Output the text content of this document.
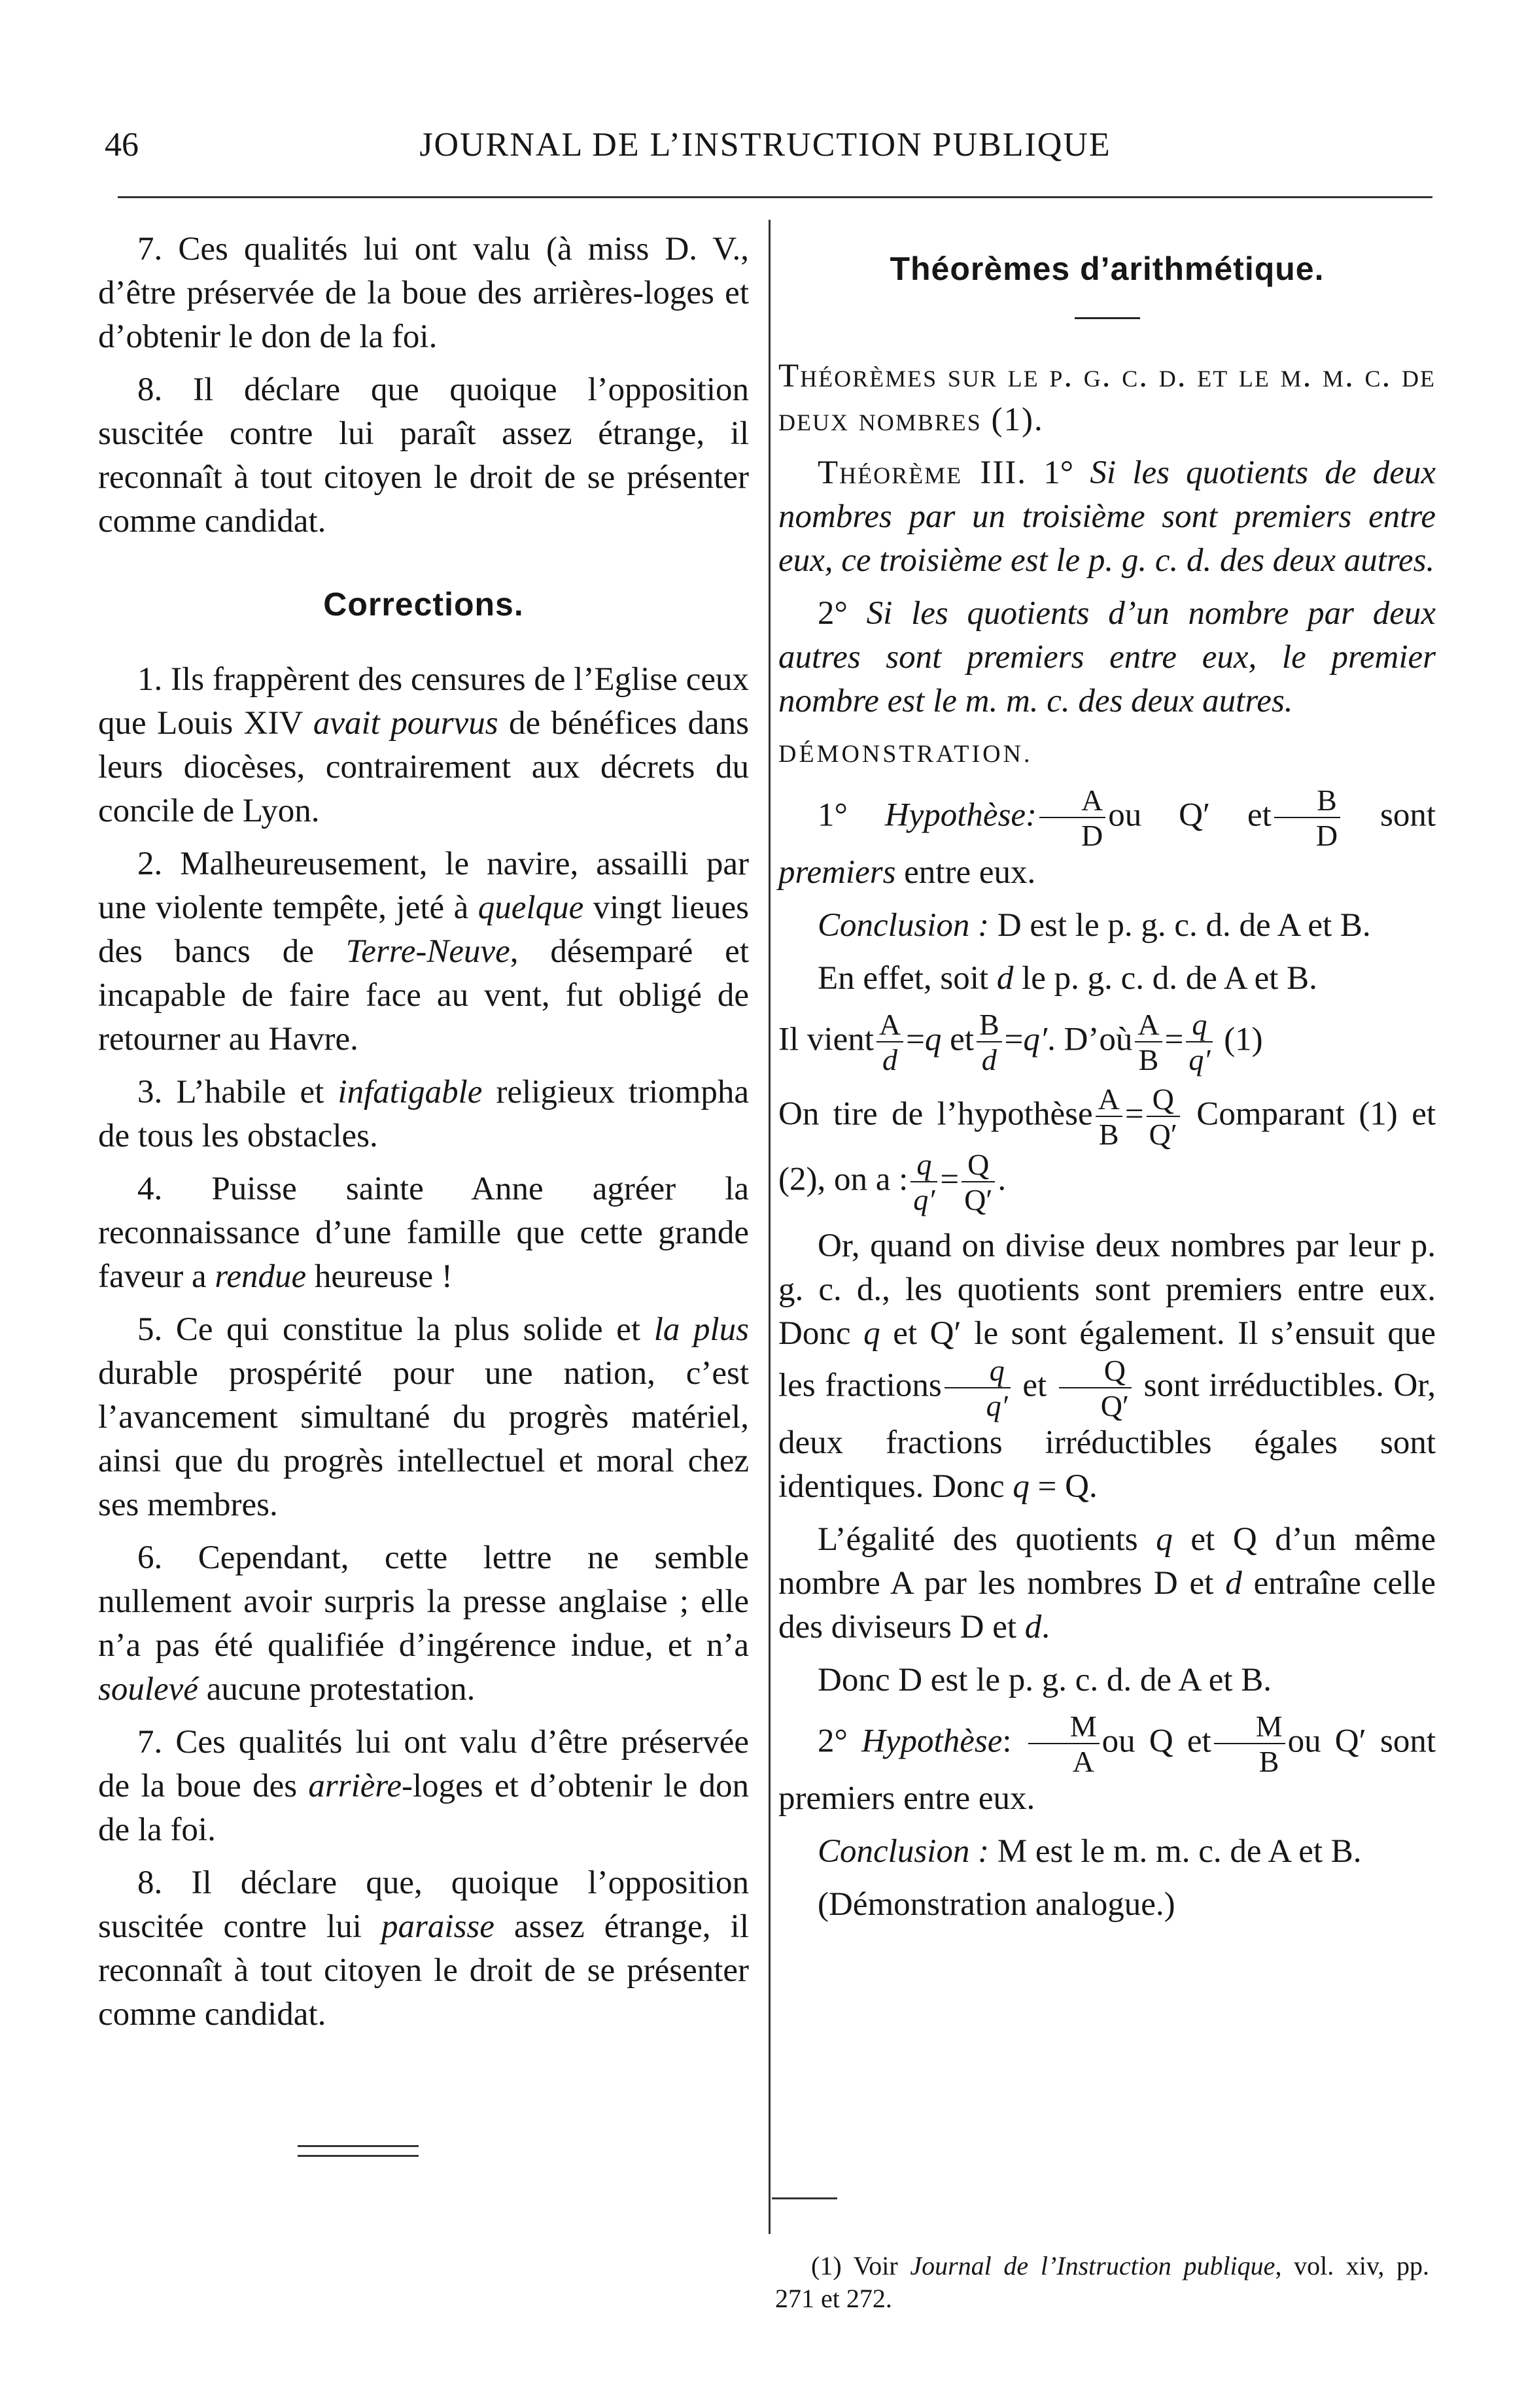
46	JOURNAL DE L’INSTRUCTION PUBLIQUE

7. Ces qualités lui ont valu (à miss D. V., d’être préservée de la boue des arrières-loges et d’obtenir le don de la foi.

8. Il déclare que quoique l’opposition suscitée contre lui paraît assez étrange, il reconnaît à tout citoyen le droit de se présenter comme candidat.

Corrections.

1. Ils frappèrent des censures de l’Eglise ceux que Louis XIV avait pourvus de bénéfices dans leurs diocèses, contrairement aux décrets du concile de Lyon.

2. Malheureusement, le navire, assailli par une violente tempête, jeté à quelque vingt lieues des bancs de Terre-Neuve, désemparé et incapable de faire face au vent, fut obligé de retourner au Havre.

3. L’habile et infatigable religieux triompha de tous les obstacles.

4. Puisse sainte Anne agréer la reconnaissance d’une famille que cette grande faveur a rendue heureuse !

5. Ce qui constitue la plus solide et la plus durable prospérité pour une nation, c’est l’avancement simultané du progrès matériel, ainsi que du progrès intellectuel et moral chez ses membres.

6. Cependant, cette lettre ne semble nullement avoir surpris la presse anglaise ; elle n’a pas été qualifiée d’ingérence indue, et n’a soulevé aucune protestation.

7. Ces qualités lui ont valu d’être préservée de la boue des arrière-loges et d’obtenir le don de la foi.

8. Il déclare que, quoique l’opposition suscitée contre lui paraisse assez étrange, il reconnaît à tout citoyen le droit de se présenter comme candidat.

Théorèmes d’arithmétique.

Théorèmes sur le p. g. c. d. et le m. m. c. de deux nombres (1).

Théorème III. 1° Si les quotients de deux nombres par un troisième sont premiers entre eux, ce troisième est le p. g. c. d. des deux autres.

2° Si les quotients d’un nombre par deux autres sont premiers entre eux, le premier nombre est le m. m. c. des deux autres.

DÉMONSTRATION.

1° Hypothèse: $\frac{A}{D}$ ou Q′ et $\frac{B}{D}$ sont premiers entre eux.

Conclusion : D est le p. g. c. d. de A et B.

En effet, soit d le p. g. c. d. de A et B.

Il vient $\frac{A}{d} =q$ et $\frac{B}{d} =q'$. D’où $\frac{A}{B} = \frac{q}{q'} (1)$

On tire de l’hypothèse $\frac{A}{B} = \frac{Q}{Q'}$ Comparant (1) et (2), on a : $\frac{q}{q'} = \frac{Q}{Q'}$ .

Or, quand on divise deux nombres par leur p. g. c. d., les quotients sont premiers entre eux. Donc q et Q′ le sont également. Il s’ensuit que les fractions $\frac{q}{q'}$ et $\frac{Q}{Q'}$ sont irréductibles. Or, deux fractions irréductibles égales sont identiques. Donc q = Q.

L’égalité des quotients q et Q d’un même nombre A par les nombres D et d entraîne celle des diviseurs D et d.

Donc D est le p. g. c. d. de A et B.

2° Hypothèse: $\frac{M}{A}$ ou Q et $\frac{M}{B}$ ou Q′ sont premiers entre eux.

Conclusion : M est le m. m. c. de A et B.

(Démonstration analogue.)

(1) Voir Journal de l’Instruction publique, vol. xiv, pp. 271 et 272.
